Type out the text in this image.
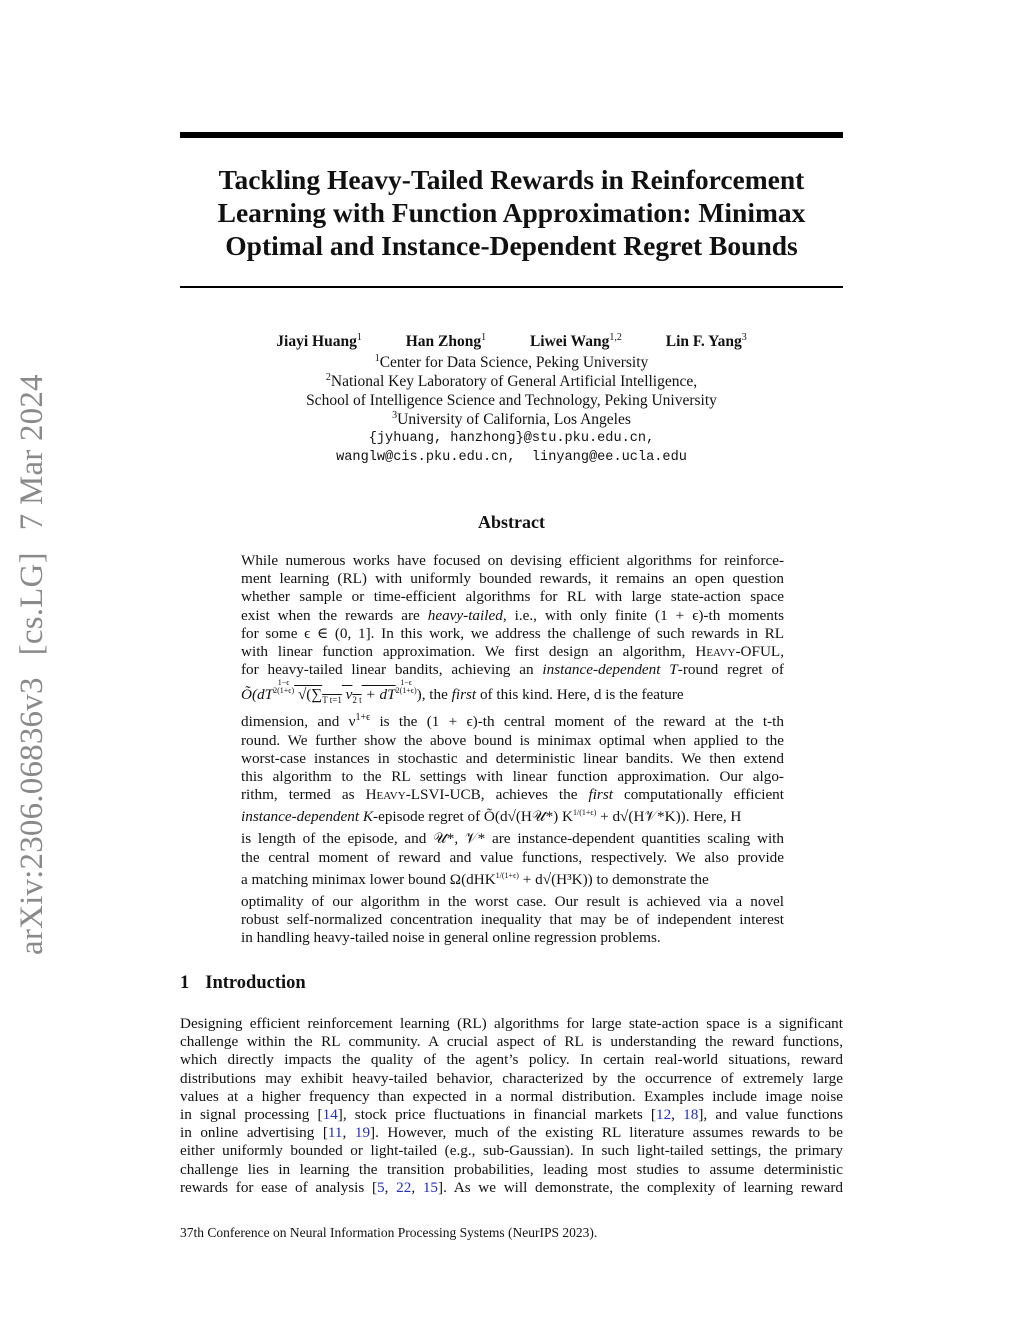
arXiv:2306.06836v3[cs.LG]7 Mar 2024
Tackling Heavy-Tailed Rewards in Reinforcement
Learning with Function Approximation: Minimax
Optimal and Instance-Dependent Regret Bounds
Jiayi Huang$^1$	Han Zhong$^1$	Liwei Wang$^{1,2}$	Lin F. Yang$^3$
$^1$Center for Data Science, Peking University
$^2$National Key Laboratory of General Artificial Intelligence,
School of Intelligence Science and Technology, Peking University
$^3$University of California, Los Angeles
{jyhuang, hanzhong}@stu.pku.edu.cn,
wanglw@cis.pku.edu.cn,  linyang@ee.ucla.edu
Abstract
While numerous works have focused on devising efficient algorithms for reinforce-
ment learning (RL) with uniformly bounded rewards, it remains an open question
whether sample or time-efficient algorithms for RL with large state-action space
exist when the rewards are heavy-tailed, i.e., with only finite (1 + ϵ)-th moments
for some ϵ ∈ (0, 1]. In this work, we address the challenge of such rewards in RL
with linear function approximation. We first design an algorithm, Heavy-OFUL,
for heavy-tailed linear bandits, achieving an instance-dependent T-round regret of
Õ(dT
1−ϵ
2(1+ϵ) $√(\sum_{T t=1}$ $\nu_{2 t}$ + dT
1−ϵ
2(1+ϵ) ), the first of this kind. Here, d is the feature
dimension, and $\nu^{1+\epsilon}$ is the (1 + ϵ)-th central moment of the reward at the t-th
round. We further show the above bound is minimax optimal when applied to the
worst-case instances in stochastic and deterministic linear bandits. We then extend
this algorithm to the RL settings with linear function approximation. Our algo-
rithm, termed as Heavy-LSVI-UCB, achieves the first computationally efficient
instance-dependent K-episode regret of Õ(d√(H𝒰*) $K^{1/(1+\epsilon)}$ + d√(H𝒱*K)). Here, H
is length of the episode, and 𝒰*, 𝒱* are instance-dependent quantities scaling with
the central moment of reward and value functions, respectively. We also provide
a matching minimax lower bound Ω(dHK$^{1/(1+\epsilon)}$ + d√(H³K)) to demonstrate the
optimality of our algorithm in the worst case. Our result is achieved via a novel
robust self-normalized concentration inequality that may be of independent interest
in handling heavy-tailed noise in general online regression problems.
1 Introduction
Designing efficient reinforcement learning (RL) algorithms for large state-action space is a significant
challenge within the RL community. A crucial aspect of RL is understanding the reward functions,
which directly impacts the quality of the agent’s policy. In certain real-world situations, reward
distributions may exhibit heavy-tailed behavior, characterized by the occurrence of extremely large
values at a higher frequency than expected in a normal distribution. Examples include image noise
in signal processing [14], stock price fluctuations in financial markets [12, 18], and value functions
in online advertising [11, 19]. However, much of the existing RL literature assumes rewards to be
either uniformly bounded or light-tailed (e.g., sub-Gaussian). In such light-tailed settings, the primary
challenge lies in learning the transition probabilities, leading most studies to assume deterministic
rewards for ease of analysis [5, 22, 15]. As we will demonstrate, the complexity of learning reward
37th Conference on Neural Information Processing Systems (NeurIPS 2023).
